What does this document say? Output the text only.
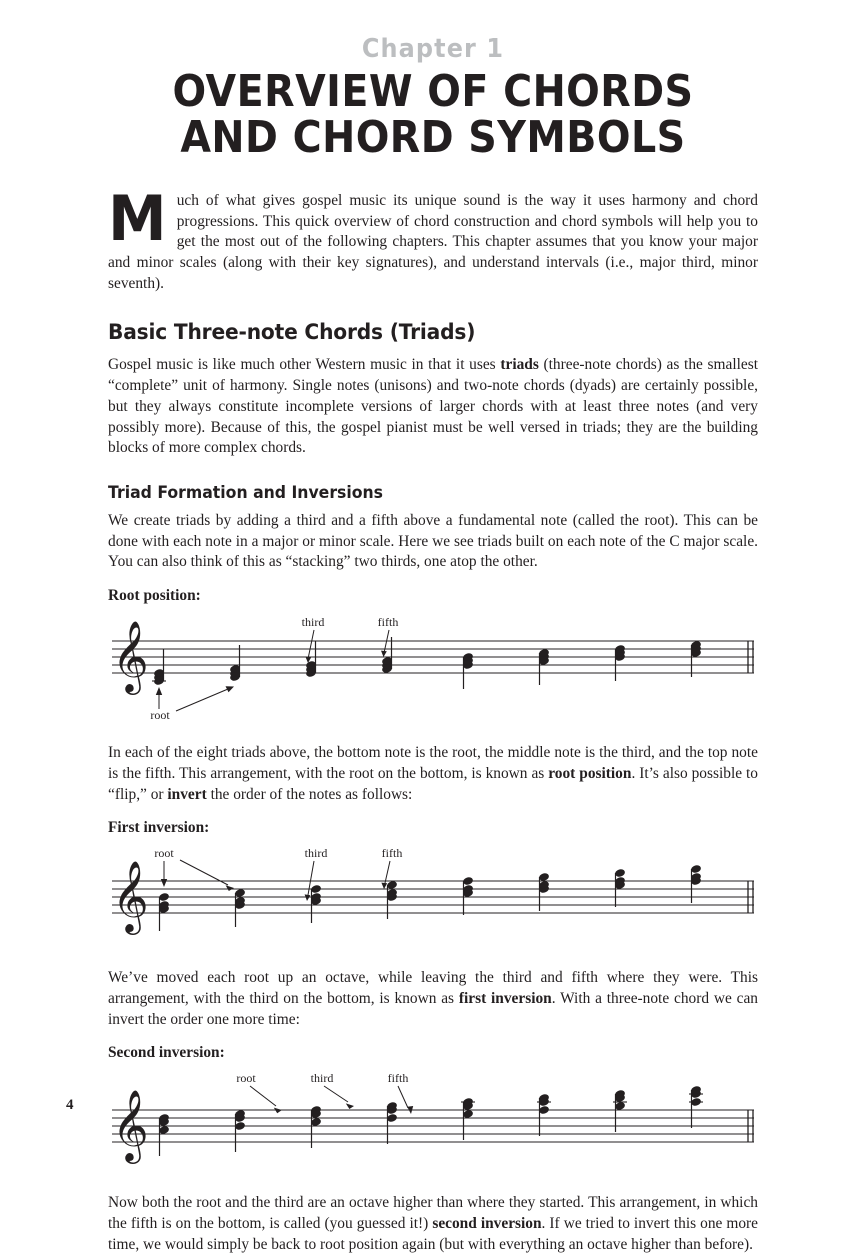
Chapter 1
OVERVIEW OF CHORDS
AND CHORD SYMBOLS
M uch of what gives gospel music its unique sound is the way it uses harmony and chord progressions. This quick overview of chord construction and chord symbols will help you to get the most out of the following chapters. This chapter assumes that you know your major and minor scales (along with their key signatures), and understand intervals (i.e., major third, minor seventh).

Basic Three-note Chords (Triads)

Gospel music is like much other Western music in that it uses triads (three-note chords) as the smallest “complete” unit of harmony. Single notes (unisons) and two-note chords (dyads) are certainly possible, but they always constitute incomplete versions of larger chords with at least three notes (and very possibly more). Because of this, the gospel pianist must be well versed in triads; they are the building blocks of more complex chords.

Triad Formation and Inversions

We create triads by adding a third and a fifth above a fundamental note (called the root). This can be done with each note in a major or minor scale. Here we see triads built on each note of the C major scale. You can also think of this as “stacking” two thirds, one atop the other.

Root position:

𝄞	third	fifth
root

In each of the eight triads above, the bottom note is the root, the middle note is the third, and the top note is the fifth. This arrangement, with the root on the bottom, is known as root position. It’s also possible to “flip,” or invert the order of the notes as follows:

First inversion:

𝄞
root	third	fifth

We’ve moved each root up an octave, while leaving the third and fifth where they were. This arrangement, with the third on the bottom, is known as first inversion. With a three-note chord we can invert the order one more time:

Second inversion:

𝄞
root	third	fifth

Now both the root and the third are an octave higher than where they started. This arrangement, in which the fifth is on the bottom, is called (you guessed it!) second inversion. If we tried to invert this one more time, we would simply be back to root position again (but with everything an octave higher than before).

4
